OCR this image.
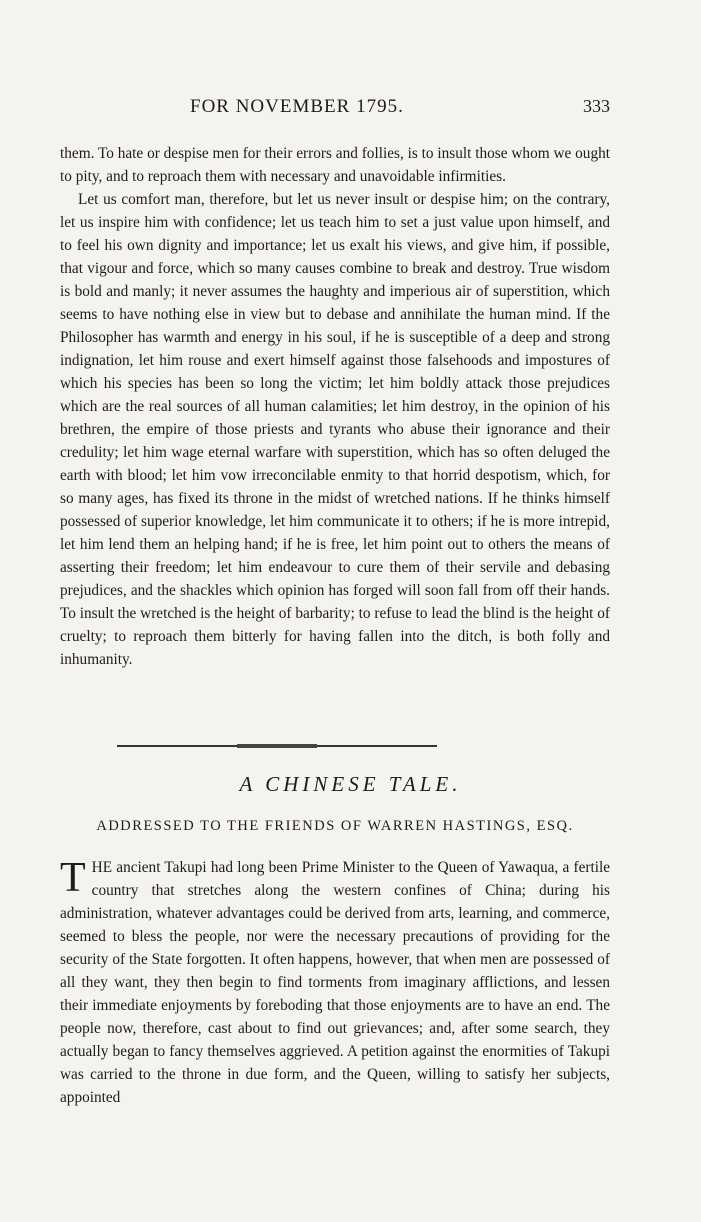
FOR NOVEMBER 1795.	333

them. To hate or despise men for their errors and follies, is to insult those whom we ought to pity, and to reproach them with necessary and unavoidable infirmities.

Let us comfort man, therefore, but let us never insult or despise him; on the contrary, let us inspire him with confidence; let us teach him to set a just value upon himself, and to feel his own dignity and importance; let us exalt his views, and give him, if possible, that vigour and force, which so many causes combine to break and destroy. True wisdom is bold and manly; it never assumes the haughty and imperious air of superstition, which seems to have nothing else in view but to debase and annihilate the human mind. If the Philosopher has warmth and energy in his soul, if he is susceptible of a deep and strong indignation, let him rouse and exert himself against those falsehoods and impostures of which his species has been so long the victim; let him boldly attack those prejudices which are the real sources of all human calamities; let him destroy, in the opinion of his brethren, the empire of those priests and tyrants who abuse their ignorance and their credulity; let him wage eternal warfare with superstition, which has so often deluged the earth with blood; let him vow irreconcilable enmity to that horrid despotism, which, for so many ages, has fixed its throne in the midst of wretched nations. If he thinks himself possessed of superior knowledge, let him communicate it to others; if he is more intrepid, let him lend them an helping hand; if he is free, let him point out to others the means of asserting their freedom; let him endeavour to cure them of their servile and debasing prejudices, and the shackles which opinion has forged will soon fall from off their hands. To insult the wretched is the height of barbarity; to refuse to lead the blind is the height of cruelty; to reproach them bitterly for having fallen into the ditch, is both folly and inhumanity.

A CHINESE TALE.
ADDRESSED TO THE FRIENDS OF WARREN HASTINGS, ESQ.
T HE ancient Takupi had long been Prime Minister to the Queen of Yawaqua, a fertile country that stretches along the western confines of China; during his administration, whatever advantages could be derived from arts, learning, and commerce, seemed to bless the people, nor were the necessary precautions of providing for the security of the State forgotten. It often happens, however, that when men are possessed of all they want, they then begin to find torments from imaginary afflictions, and lessen their immediate enjoyments by foreboding that those enjoyments are to have an end. The people now, therefore, cast about to find out grievances; and, after some search, they actually began to fancy themselves aggrieved. A petition against the enormities of Takupi was carried to the throne in due form, and the Queen, willing to satisfy her subjects, appointed
